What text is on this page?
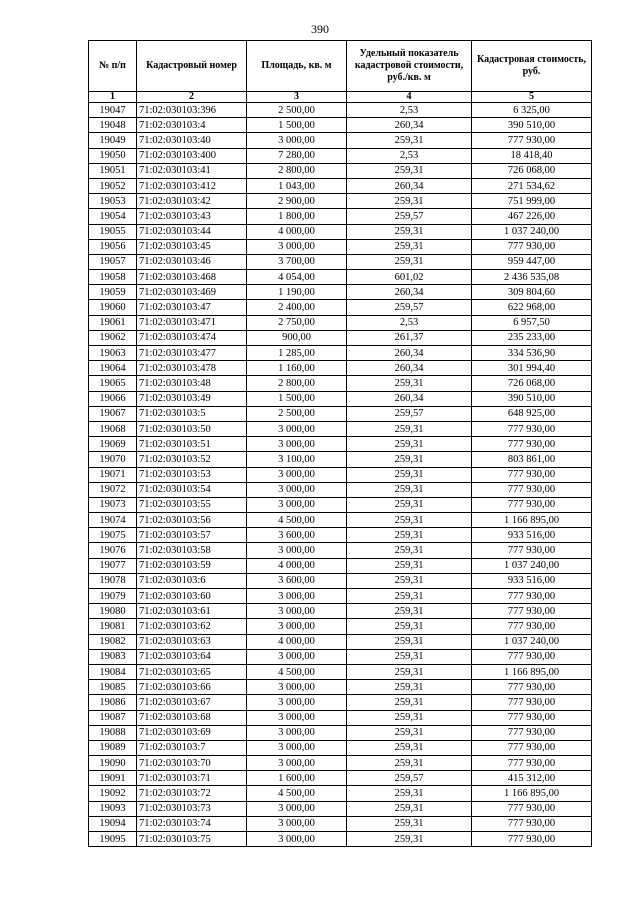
390
№ п/п	Кадастровый номер	Площадь, кв. м	Удельный показатель кадастровой стоимости, руб./кв. м	Кадастровая стоимость, руб.
1	2	3	4	5
19047	71:02:030103:396	2 500,00	2,53	6 325,00
19048	71:02:030103:4	1 500,00	260,34	390 510,00
19049	71:02:030103:40	3 000,00	259,31	777 930,00
19050	71:02:030103:400	7 280,00	2,53	18 418,40
19051	71:02:030103:41	2 800,00	259,31	726 068,00
19052	71:02:030103:412	1 043,00	260,34	271 534,62
19053	71:02:030103:42	2 900,00	259,31	751 999,00
19054	71:02:030103:43	1 800,00	259,57	467 226,00
19055	71:02:030103:44	4 000,00	259,31	1 037 240,00
19056	71:02:030103:45	3 000,00	259,31	777 930,00
19057	71:02:030103:46	3 700,00	259,31	959 447,00
19058	71:02:030103:468	4 054,00	601,02	2 436 535,08
19059	71:02:030103:469	1 190,00	260,34	309 804,60
19060	71:02:030103:47	2 400,00	259,57	622 968,00
19061	71:02:030103:471	2 750,00	2,53	6 957,50
19062	71:02:030103:474	900,00	261,37	235 233,00
19063	71:02:030103:477	1 285,00	260,34	334 536,90
19064	71:02:030103:478	1 160,00	260,34	301 994,40
19065	71:02:030103:48	2 800,00	259,31	726 068,00
19066	71:02:030103:49	1 500,00	260,34	390 510,00
19067	71:02:030103:5	2 500,00	259,57	648 925,00
19068	71:02:030103:50	3 000,00	259,31	777 930,00
19069	71:02:030103:51	3 000,00	259,31	777 930,00
19070	71:02:030103:52	3 100,00	259,31	803 861,00
19071	71:02:030103:53	3 000,00	259,31	777 930,00
19072	71:02:030103:54	3 000,00	259,31	777 930,00
19073	71:02:030103:55	3 000,00	259,31	777 930,00
19074	71:02:030103:56	4 500,00	259,31	1 166 895,00
19075	71:02:030103:57	3 600,00	259,31	933 516,00
19076	71:02:030103:58	3 000,00	259,31	777 930,00
19077	71:02:030103:59	4 000,00	259,31	1 037 240,00
19078	71:02:030103:6	3 600,00	259,31	933 516,00
19079	71:02:030103:60	3 000,00	259,31	777 930,00
19080	71:02:030103:61	3 000,00	259,31	777 930,00
19081	71:02:030103:62	3 000,00	259,31	777 930,00
19082	71:02:030103:63	4 000,00	259,31	1 037 240,00
19083	71:02:030103:64	3 000,00	259,31	777 930,00
19084	71:02:030103:65	4 500,00	259,31	1 166 895,00
19085	71:02:030103:66	3 000,00	259,31	777 930,00
19086	71:02:030103:67	3 000,00	259,31	777 930,00
19087	71:02:030103:68	3 000,00	259,31	777 930,00
19088	71:02:030103:69	3 000,00	259,31	777 930,00
19089	71:02:030103:7	3 000,00	259,31	777 930,00
19090	71:02:030103:70	3 000,00	259,31	777 930,00
19091	71:02:030103:71	1 600,00	259,57	415 312,00
19092	71:02:030103:72	4 500,00	259,31	1 166 895,00
19093	71:02:030103:73	3 000,00	259,31	777 930,00
19094	71:02:030103:74	3 000,00	259,31	777 930,00
19095	71:02:030103:75	3 000,00	259,31	777 930,00
